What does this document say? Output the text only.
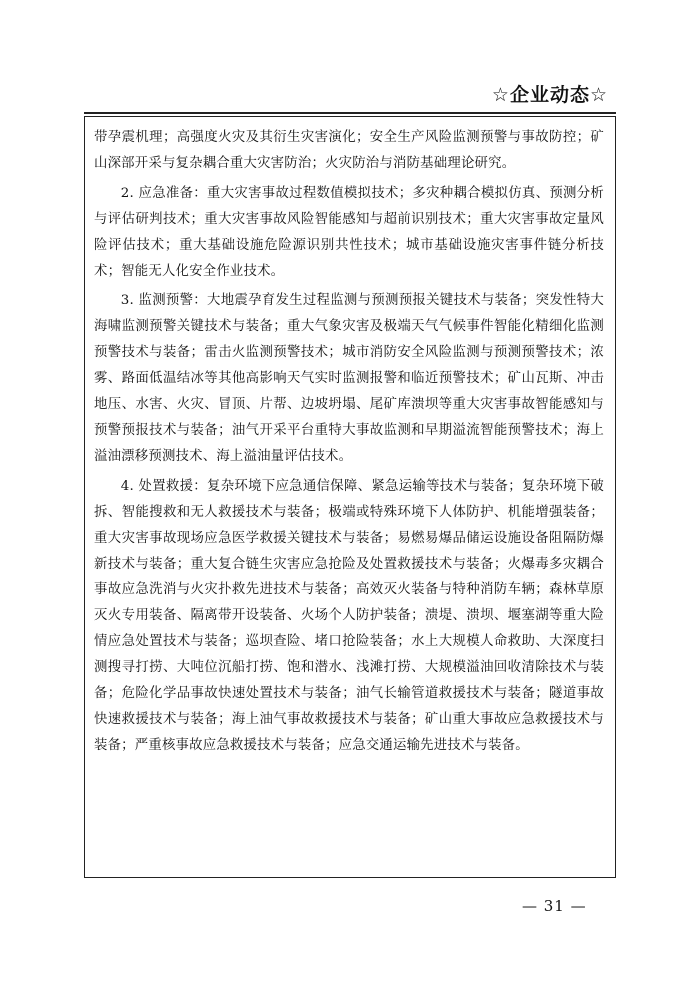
☆企业动态☆

带孕震机理；高强度火灾及其衍生灾害演化；安全生产风险监测预警与事故防控；矿山深部开采与复杂耦合重大灾害防治；火灾防治与消防基础理论研究。

2. 应急准备：重大灾害事故过程数值模拟技术；多灾种耦合模拟仿真、预测分析与评估研判技术；重大灾害事故风险智能感知与超前识别技术；重大灾害事故定量风险评估技术；重大基础设施危险源识别共性技术；城市基础设施灾害事件链分析技术；智能无人化安全作业技术。

3. 监测预警：大地震孕育发生过程监测与预测预报关键技术与装备；突发性特大海啸监测预警关键技术与装备；重大气象灾害及极端天气气候事件智能化精细化监测预警技术与装备；雷击火监测预警技术；城市消防安全风险监测与预测预警技术；浓雾、路面低温结冰等其他高影响天气实时监测报警和临近预警技术；矿山瓦斯、冲击地压、水害、火灾、冒顶、片帮、边坡坍塌、尾矿库溃坝等重大灾害事故智能感知与预警预报技术与装备；油气开采平台重特大事故监测和早期溢流智能预警技术；海上溢油漂移预测技术、海上溢油量评估技术。

4. 处置救援：复杂环境下应急通信保障、紧急运输等技术与装备；复杂环境下破拆、智能搜救和无人救援技术与装备；极端或特殊环境下人体防护、机能增强装备；重大灾害事故现场应急医学救援关键技术与装备；易燃易爆品储运设施设备阻隔防爆新技术与装备；重大复合链生灾害应急抢险及处置救援技术与装备；火爆毒多灾耦合事故应急洗消与火灾扑救先进技术与装备；高效灭火装备与特种消防车辆；森林草原灭火专用装备、隔离带开设装备、火场个人防护装备；溃堤、溃坝、堰塞湖等重大险情应急处置技术与装备；巡坝查险、堵口抢险装备；水上大规模人命救助、大深度扫测搜寻打捞、大吨位沉船打捞、饱和潜水、浅滩打捞、大规模溢油回收清除技术与装备；危险化学品事故快速处置技术与装备；油气长输管道救援技术与装备；隧道事故快速救援技术与装备；海上油气事故救援技术与装备；矿山重大事故应急救援技术与装备；严重核事故应急救援技术与装备；应急交通运输先进技术与装备。

— 31 —
